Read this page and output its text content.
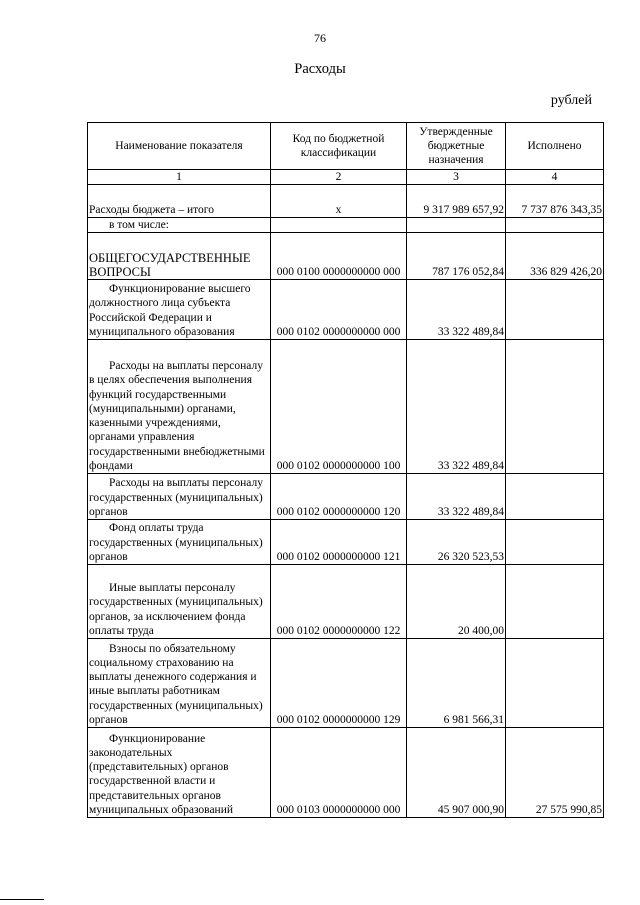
76
Расходы
рублей
Наименование показателя	Код по бюджетной классификации	Утвержденные бюджетные назначения	Исполнено
1	2	3	4
Расходы бюджета – итого	x	9 317 989 657,92	7 737 876 343,35
в том числе:			
ОБЩЕГОСУДАРСТВЕННЫЕ ВОПРОСЫ	000 0100 0000000000 000	787 176 052,84	336 829 426,20
Функционирование высшего должностного лица субъекта Российской Федерации и муниципального образования	000 0102 0000000000 000	33 322 489,84	
Расходы на выплаты персоналу в целях обеспечения выполнения функций государственными (муниципальными) органами, казенными учреждениями, органами управления государственными внебюджетными фондами	000 0102 0000000000 100	33 322 489,84	
Расходы на выплаты персоналу государственных (муниципальных) органов	000 0102 0000000000 120	33 322 489,84	
Фонд оплаты труда государственных (муниципальных) органов	000 0102 0000000000 121	26 320 523,53	
Иные выплаты персоналу государственных (муниципальных) органов, за исключением фонда оплаты труда	000 0102 0000000000 122	20 400,00	
Взносы по обязательному социальному страхованию на выплаты денежного содержания и иные выплаты работникам государственных (муниципальных) органов	000 0102 0000000000 129	6 981 566,31	
Функционирование законодательных (представительных) органов государственной власти и представительных органов муниципальных образований	000 0103 0000000000 000	45 907 000,90	27 575 990,85
